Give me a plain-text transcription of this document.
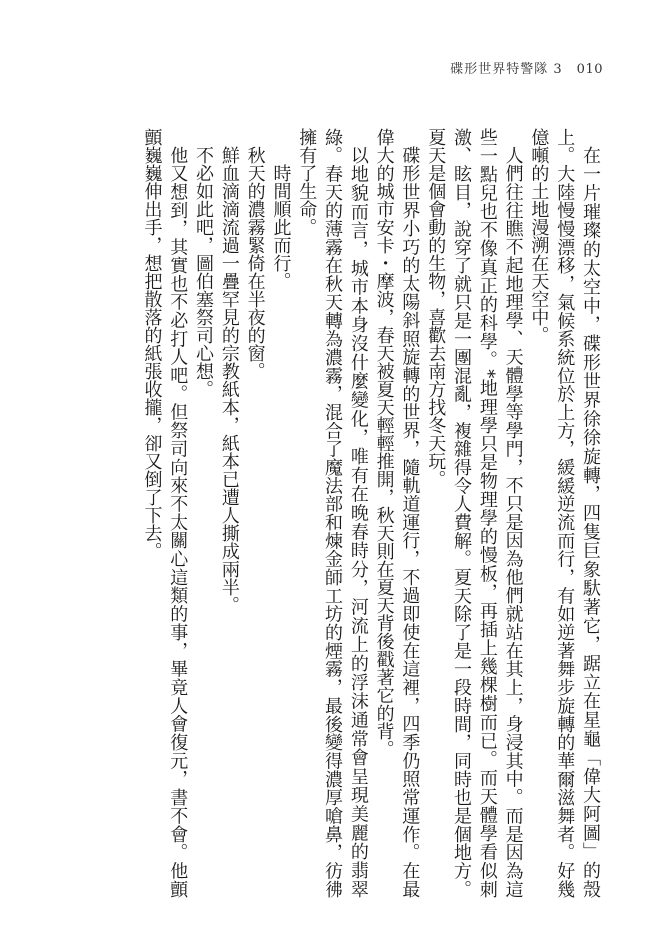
碟形世界特警隊 3 010

在一片璀璨的太空中，碟形世界徐徐旋轉，四隻巨象馱著它，踞立在星龜「偉大阿圖」的殼上。大陸慢慢漂移，氣候系統位於上方，緩緩逆流而行，有如逆著舞步旋轉的華爾滋舞者。好幾億噸的土地漫溯在天空中。

人們往往瞧不起地理學、天體學等學門，不只是因為他們就站在其上，身浸其中。而是因為這些一點兒也不像真正的科學。*地理學只是物理學的慢板，再插上幾棵樹而已。而天體學看似刺激、眩目，說穿了就只是一團混亂，複雜得令人費解。夏天除了是一段時間，同時也是個地方。夏天是個會動的生物，喜歡去南方找冬天玩。

碟形世界小巧的太陽斜照旋轉的世界，隨軌道運行，不過即使在這裡，四季仍照常運作。在最偉大的城市安卡・摩波，春天被夏天輕輕推開，秋天則在夏天背後戳著它的背。

以地貌而言，城市本身沒什麼變化，唯有在晚春時分，河流上的浮沫通常會呈現美麗的翡翠綠。春天的薄霧在秋天轉為濃霧，混合了魔法部和煉金師工坊的煙霧，最後變得濃厚嗆鼻，彷彿擁有了生命。

時間順此而行。

秋天的濃霧緊倚在半夜的窗。

鮮血滴滴流過一疊罕見的宗教紙本，紙本已遭人撕成兩半。

不必如此吧，圖伯塞祭司心想。

他又想到，其實也不必打人吧。但祭司向來不太關心這類的事，畢竟人會復元，書不會。他顫顫巍巍伸出手，想把散落的紙張收攏，卻又倒了下去。
